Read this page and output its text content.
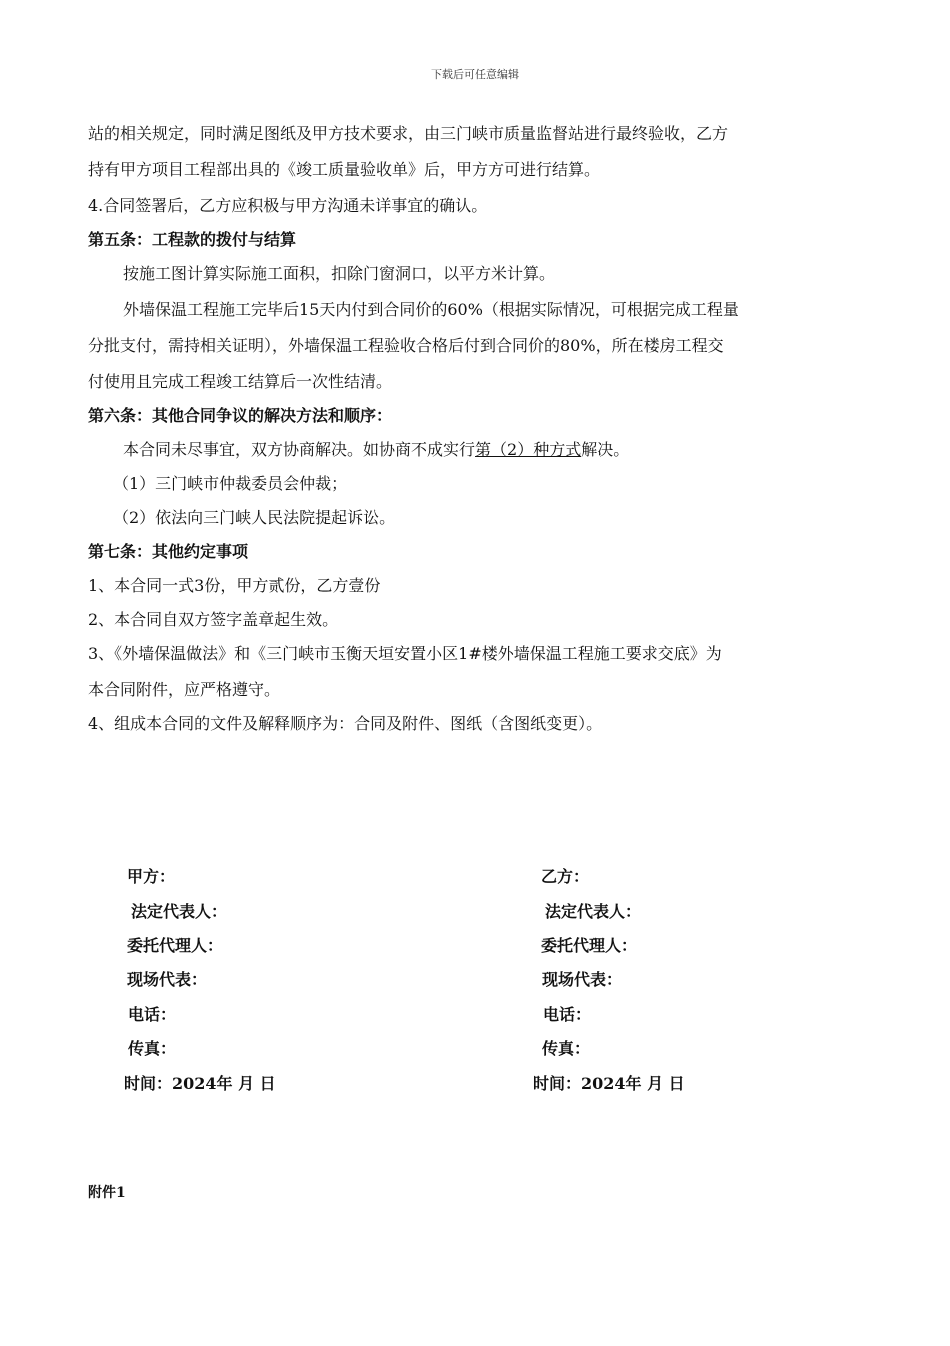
下载后可任意编辑
站的相关规定，同时满足图纸及甲方技术要求，由三门峡市质量监督站进行最终验收，乙方
持有甲方项目工程部出具的《竣工质量验收单》后，甲方方可进行结算。
4.合同签署后，乙方应积极与甲方沟通未详事宜的确认。
第五条：工程款的拨付与结算
按施工图计算实际施工面积，扣除门窗洞口，以平方米计算。
外墙保温工程施工完毕后15天内付到合同价的60%（根据实际情况，可根据完成工程量
分批支付，需持相关证明），外墙保温工程验收合格后付到合同价的80%，所在楼房工程交
付使用且完成工程竣工结算后一次性结清。
第六条：其他合同争议的解决方法和顺序：
本合同未尽事宜，双方协商解决。如协商不成实行第（2）种方式解决。
（1）三门峡市仲裁委员会仲裁；
（2）依法向三门峡人民法院提起诉讼。
第七条：其他约定事项
1、本合同一式3份，甲方贰份，乙方壹份
2、本合同自双方签字盖章起生效。
3、《外墙保温做法》和《三门峡市玉衡天垣安置小区1#楼外墙保温工程施工要求交底》为
本合同附件，应严格遵守。
4、组成本合同的文件及解释顺序为：合同及附件、图纸（含图纸变更）。
甲方：
法定代表人：
委托代理人：
现场代表：
电话：
传真：
时间：2024年 月 日
乙方：
法定代表人：
委托代理人：
现场代表：
电话：
传真：
时间：2024年 月 日
附件1
